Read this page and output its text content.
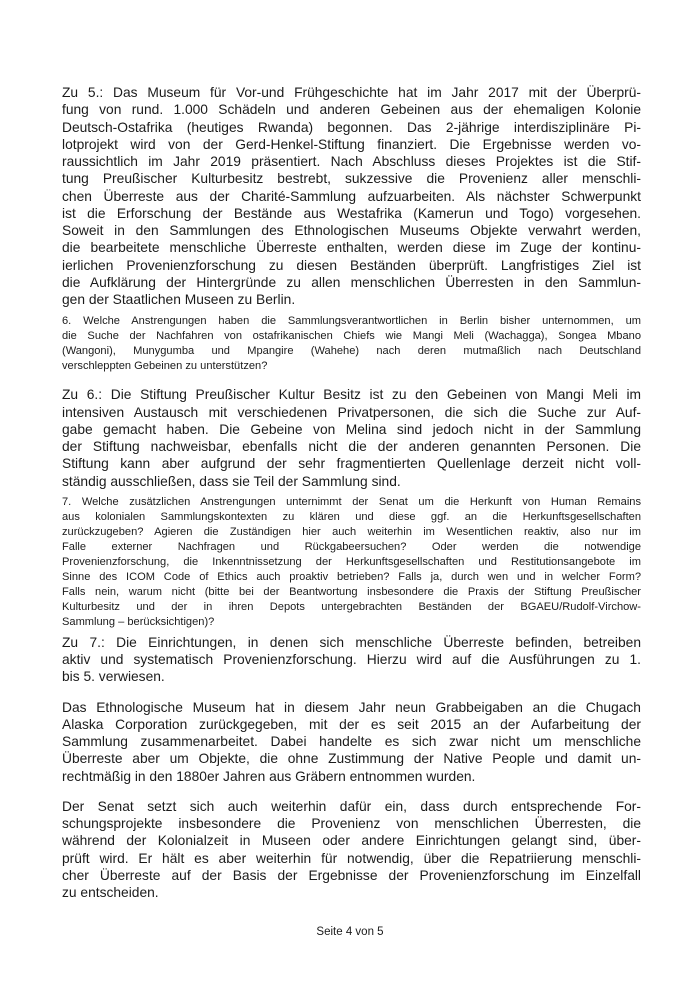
Zu 5.: Das Museum für Vor-und Frühgeschichte hat im Jahr 2017 mit der Überprü-
fung von rund. 1.000 Schädeln und anderen Gebeinen aus der ehemaligen Kolonie
Deutsch-Ostafrika (heutiges Rwanda) begonnen. Das 2-jährige interdisziplinäre Pi-
lotprojekt wird von der Gerd-Henkel-Stiftung finanziert. Die Ergebnisse werden vo-
raussichtlich im Jahr 2019 präsentiert. Nach Abschluss dieses Projektes ist die Stif-
tung Preußischer Kulturbesitz bestrebt, sukzessive die Provenienz aller menschli-
chen Überreste aus der Charité-Sammlung aufzuarbeiten. Als nächster Schwerpunkt
ist die Erforschung der Bestände aus Westafrika (Kamerun und Togo) vorgesehen.
Soweit in den Sammlungen des Ethnologischen Museums Objekte verwahrt werden,
die bearbeitete menschliche Überreste enthalten, werden diese im Zuge der kontinu-
ierlichen Provenienzforschung zu diesen Beständen überprüft. Langfristiges Ziel ist
die Aufklärung der Hintergründe zu allen menschlichen Überresten in den Sammlun-
gen der Staatlichen Museen zu Berlin.
6. Welche Anstrengungen haben die Sammlungsverantwortlichen in Berlin bisher unternommen, um
die Suche der Nachfahren von ostafrikanischen Chiefs wie Mangi Meli (Wachagga), Songea Mbano
(Wangoni), Munygumba und Mpangire (Wahehe) nach deren mutmaßlich nach Deutschland
verschleppten Gebeinen zu unterstützen?
Zu 6.: Die Stiftung Preußischer Kultur Besitz ist zu den Gebeinen von Mangi Meli im
intensiven Austausch mit verschiedenen Privatpersonen, die sich die Suche zur Auf-
gabe gemacht haben. Die Gebeine von Melina sind jedoch nicht in der Sammlung
der Stiftung nachweisbar, ebenfalls nicht die der anderen genannten Personen. Die
Stiftung kann aber aufgrund der sehr fragmentierten Quellenlage derzeit nicht voll-
ständig ausschließen, dass sie Teil der Sammlung sind.
7. Welche zusätzlichen Anstrengungen unternimmt der Senat um die Herkunft von Human Remains
aus kolonialen Sammlungskontexten zu klären und diese ggf. an die Herkunftsgesellschaften
zurückzugeben? Agieren die Zuständigen hier auch weiterhin im Wesentlichen reaktiv, also nur im
Falle externer Nachfragen und Rückgabeersuchen? Oder werden die notwendige
Provenienzforschung, die Inkenntnissetzung der Herkunftsgesellschaften und Restitutionsangebote im
Sinne des ICOM Code of Ethics auch proaktiv betrieben? Falls ja, durch wen und in welcher Form?
Falls nein, warum nicht (bitte bei der Beantwortung insbesondere die Praxis der Stiftung Preußischer
Kulturbesitz und der in ihren Depots untergebrachten Beständen der BGAEU/Rudolf-Virchow-
Sammlung – berücksichtigen)?
Zu 7.: Die Einrichtungen, in denen sich menschliche Überreste befinden, betreiben
aktiv und systematisch Provenienzforschung. Hierzu wird auf die Ausführungen zu 1.
bis 5. verwiesen.
Das Ethnologische Museum hat in diesem Jahr neun Grabbeigaben an die Chugach
Alaska Corporation zurückgegeben, mit der es seit 2015 an der Aufarbeitung der
Sammlung zusammenarbeitet. Dabei handelte es sich zwar nicht um menschliche
Überreste aber um Objekte, die ohne Zustimmung der Native People und damit un-
rechtmäßig in den 1880er Jahren aus Gräbern entnommen wurden.
Der Senat setzt sich auch weiterhin dafür ein, dass durch entsprechende For-
schungsprojekte insbesondere die Provenienz von menschlichen Überresten, die
während der Kolonialzeit in Museen oder andere Einrichtungen gelangt sind, über-
prüft wird. Er hält es aber weiterhin für notwendig, über die Repatriierung menschli-
cher Überreste auf der Basis der Ergebnisse der Provenienzforschung im Einzelfall
zu entscheiden.
Seite 4 von 5
